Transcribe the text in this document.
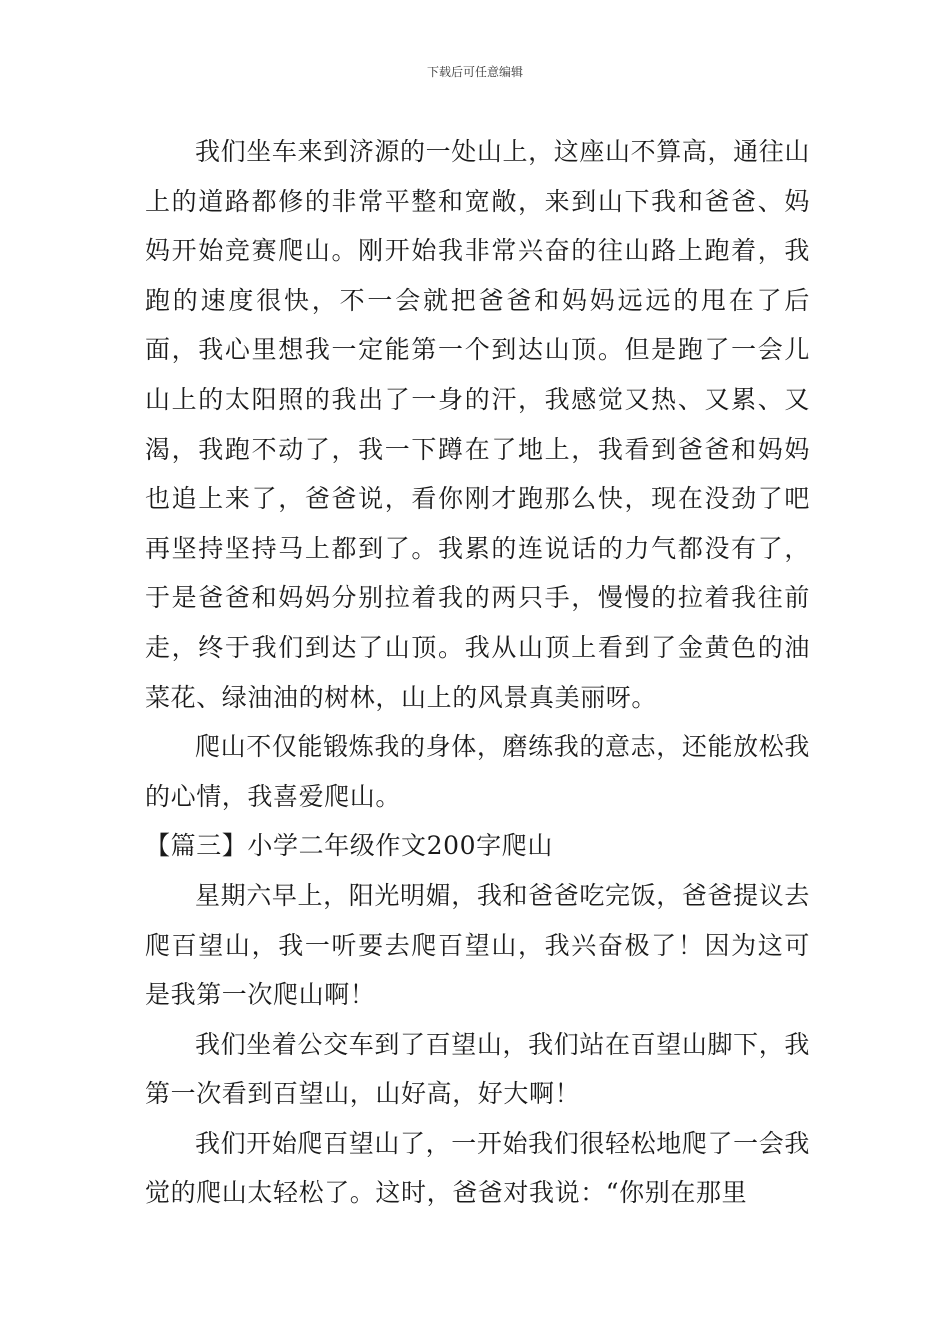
下载后可任意编辑

我们坐车来到济源的一处山上，这座山不算高，通往山上的道路都修的非常平整和宽敞，来到山下我和爸爸、妈妈开始竞赛爬山。刚开始我非常兴奋的往山路上跑着，我跑的速度很快，不一会就把爸爸和妈妈远远的甩在了后面，我心里想我一定能第一个到达山顶。但是跑了一会儿山上的太阳照的我出了一身的汗，我感觉又热、又累、又渴，我跑不动了，我一下蹲在了地上，我看到爸爸和妈妈也追上来了，爸爸说，看你刚才跑那么快，现在没劲了吧再坚持坚持马上都到了。我累的连说话的力气都没有了，于是爸爸和妈妈分别拉着我的两只手，慢慢的拉着我往前走，终于我们到达了山顶。我从山顶上看到了金黄色的油菜花、绿油油的树林，山上的风景真美丽呀。

爬山不仅能锻炼我的身体，磨练我的意志，还能放松我的心情，我喜爱爬山。

【篇三】小学二年级作文200字爬山

星期六早上，阳光明媚，我和爸爸吃完饭，爸爸提议去爬百望山，我一听要去爬百望山，我兴奋极了！因为这可是我第一次爬山啊！

我们坐着公交车到了百望山，我们站在百望山脚下，我第一次看到百望山，山好高，好大啊！

我们开始爬百望山了，一开始我们很轻松地爬了一会我觉的爬山太轻松了。这时，爸爸对我说：“你别在那里
